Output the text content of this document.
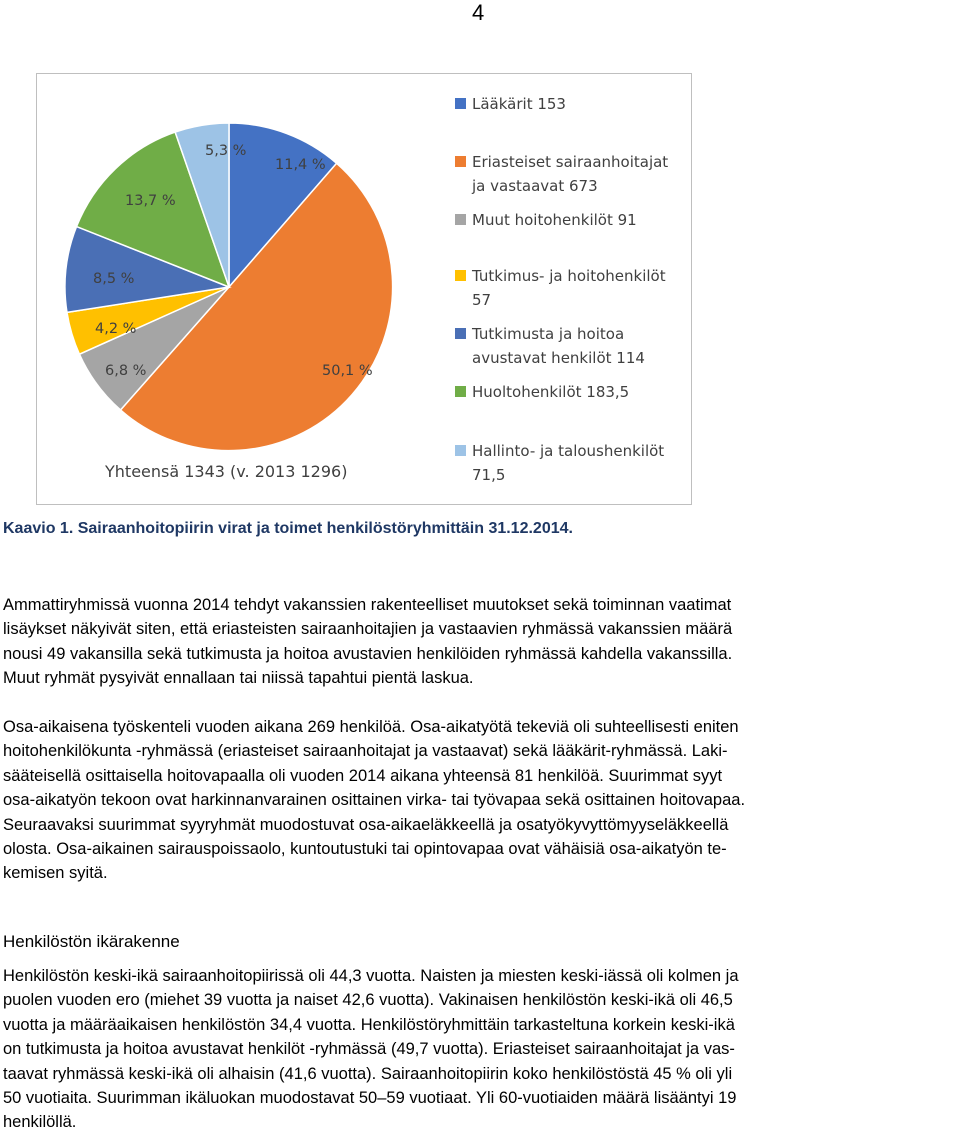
4
11,4 %
50,1 %
6,8 %
4,2 %
8,5 %
13,7 %
5,3 %
Lääkärit 153
Eriasteiset sairaanhoitajat
ja vastaavat 673
Muut hoitohenkilöt 91
Tutkimus- ja hoitohenkilöt
57
Tutkimusta ja hoitoa
avustavat henkilöt 114
Huoltohenkilöt 183,5
Hallinto- ja taloushenkilöt
71,5
Yhteensä 1343 (v. 2013 1296)
Kaavio 1. Sairaanhoitopiirin virat ja toimet henkilöstöryhmittäin 31.12.2014.

Ammattiryhmissä vuonna 2014 tehdyt vakanssien rakenteelliset muutokset sekä toiminnan vaatimat
lisäykset näkyivät siten, että eriasteisten sairaanhoitajien ja vastaavien ryhmässä vakanssien määrä
nousi 49 vakansilla sekä tutkimusta ja hoitoa avustavien henkilöiden ryhmässä kahdella vakanssilla.
Muut ryhmät pysyivät ennallaan tai niissä tapahtui pientä laskua.

Osa-aikaisena työskenteli vuoden aikana 269 henkilöä. Osa-aikatyötä tekeviä oli suhteellisesti eniten
hoitohenkilökunta -ryhmässä (eriasteiset sairaanhoitajat ja vastaavat) sekä lääkärit-ryhmässä. Laki-
sääteisellä osittaisella hoitovapaalla oli vuoden 2014 aikana yhteensä 81 henkilöä. Suurimmat syyt
osa-aikatyön tekoon ovat harkinnanvarainen osittainen virka- tai työvapaa sekä osittainen hoitovapaa.
Seuraavaksi suurimmat syyryhmät muodostuvat osa-aikaeläkkeellä ja osatyökyvyttömyyseläkkeellä
olosta. Osa-aikainen sairauspoissaolo, kuntoutustuki tai opintovapaa ovat vähäisiä osa-aikatyön te-
kemisen syitä.

Henkilöstön ikärakenne

Henkilöstön keski-ikä sairaanhoitopiirissä oli 44,3 vuotta. Naisten ja miesten keski-iässä oli kolmen ja
puolen vuoden ero (miehet 39 vuotta ja naiset 42,6 vuotta). Vakinaisen henkilöstön keski-ikä oli 46,5
vuotta ja määräaikaisen henkilöstön 34,4 vuotta. Henkilöstöryhmittäin tarkasteltuna korkein keski-ikä
on tutkimusta ja hoitoa avustavat henkilöt -ryhmässä (49,7 vuotta). Eriasteiset sairaanhoitajat ja vas-
taavat ryhmässä keski-ikä oli alhaisin (41,6 vuotta). Sairaanhoitopiirin koko henkilöstöstä 45 % oli yli
50 vuotiaita. Suurimman ikäluokan muodostavat 50–59 vuotiaat. Yli 60-vuotiaiden määrä lisääntyi 19
henkilöllä.
